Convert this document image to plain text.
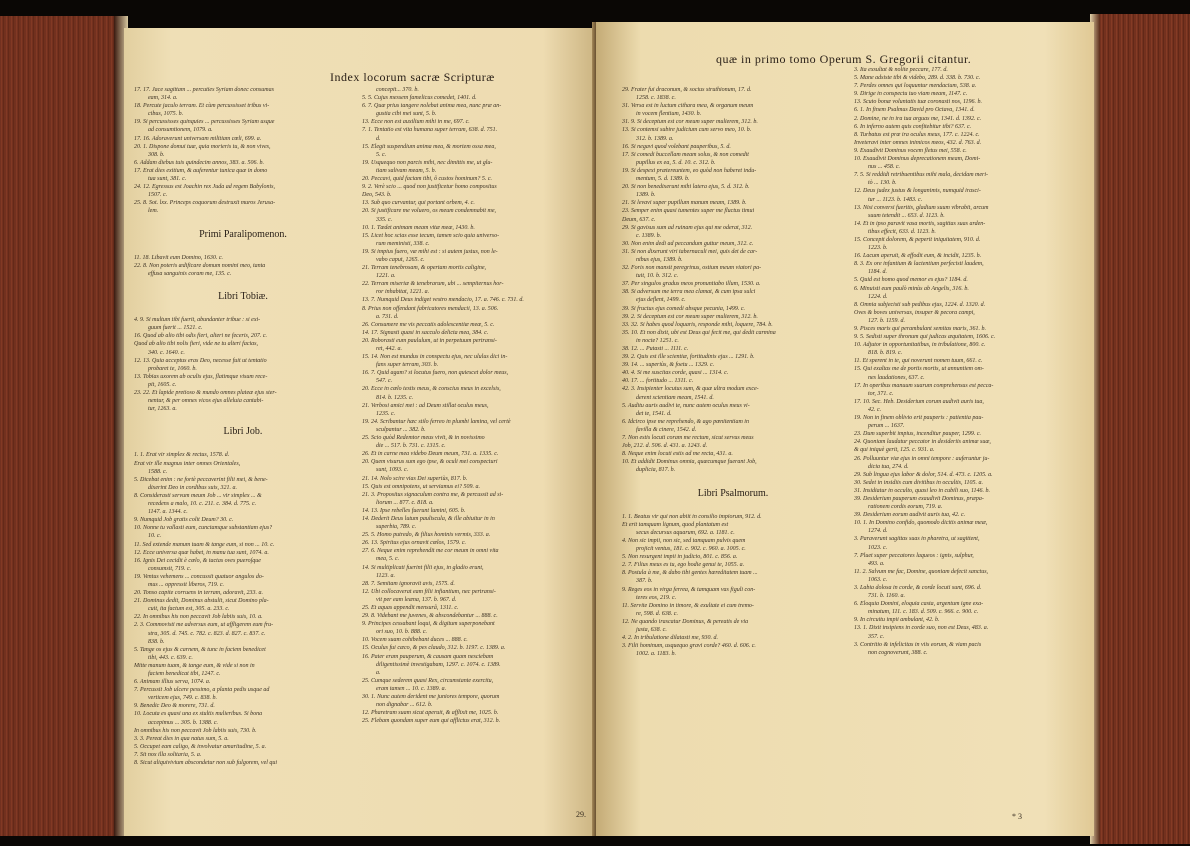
Index locorum sacræ Scripturæ
17. 17. Jace sagittam ... percuties Syriam donec consumas
eam, 314. a.
18. Percute jaculo terram. Et cùm percussisset tribus vi-
cibus, 1075. b.
19. Si percussisses quinquies ... percussisses Syriam usque
ad consumtionem, 1079. a.
17. 16. Adoraverunt universam militiam cœli, 699. a.
20. 1. Dispone domui tuæ, quia morieris tu, & non vives,
308. b.
6. Addam diebus tuis quindecim annos, 383. a. 506. b.
17. Erat dies exitium, & auferentur tunica quæ in domo
tua sunt, 381. c.
24. 12. Egressus est Joachin rex Juda ad regem Babylonis,
1507. c.
25. 8. Sot. lxx. Princeps coquorum destruxit muros Jerusa-
lem.
Primi Paralipomenon.
11. 18. Libavit eum Domino, 1630. c.
22. 8. Non poteris ædificare domum nomini meo, tanta
effusa sanguinis coram me, 135. c.
Libri Tobiæ.
4. 9. Si multum tibi fuerit, abundanter tribue : si exi-
guum fuerit ... 1521. c.
16. Quod ab alio tibi odis fieri, alteri ne feceris, 207. c.
Quod ab alio tibi nolis fieri, vide ne tu alteri facias,
340. c. 1640. c.
12. 13. Quia acceptus eras Deo, necesse fuit ut tentatio
probaret te, 1060. b.
13. Tobias uxorem ab oculis ejus, flatimque visum rece-
pit, 1605. c.
23. 22. Et lapide pretioso & mundo omnes plateæ ejus ster-
nentur, & per omnes vicos ejus alleluia cantabi-
tur, 1263. a.
Libri Job.
1. 1. Erat vir simplex & rectus, 1578. d.
Erat vir ille magnus inter omnes Orientales,
1588. c.
5. Dicebat enim : ne fortè peccaverint filii mei, & bene-
dixerint Deo in cordibus suis, 321. a.
8. Considerasti servum meum Job ... vir simplex ... &
recedens a malo, 10. c. 211. c. 384. d. 775. c.
1147. a. 1344. c.
9. Numquid Job gratis colit Deum? 30. c.
10. Nonne tu vallasti eum, cunctamque substantiam ejus?
10. c.
11. Sed extende manum tuam & tange eum, si non ... 10. c.
12. Ecce universa quæ habet, in manu tua sunt, 1074. a.
16. Ignis Dei cecidit è cœlo, & tactas oves pueroſque
consumsit, 719. c.
19. Ventus vehemens ... concussit quatuor angulos do-
mus ... oppressit liberos, 719. c.
20. Tonso capite corruens in terram, adoravit, 233. a.
21. Dominus dedit, Dominus abstulit, sicut Domino pla-
cuit, ita factum est, 305. a. 233. c.
22. In omnibus his non peccavit Job labiis suis, 10. a.
2. 3. Commovisti me adversus eum, ut affligerem eum fru-
stra, 305. d. 745. c. 782. c. 823. d. 827. c. 837. c.
838. b.
5. Tange os ejus & carnem, & tunc in faciem benedicet
tibi, 443. c. 639. c.
Mitte manum tuam, & tange eum, & vide si non in
faciem benedicat tibi, 1247. c.
6. Animam illius serva, 1074. a.
7. Percussit Job ulcere pessimo, a planta pedis usque ad
verticem ejus, 749. c. 838. b.
9. Benedic Deo & morere, 731. d.
10. Locuta es quasi una ex stultis mulieribus. Si bona
accepimus ... 305. b. 1388. c.
In omnibus his non peccavit Job labiis suis, 730. b.
3. 3. Pereat dies in qua natus sum, 5. a.
5. Occupet eam caligo, & involvatur amaritudine, 5. a.
7. Sit nox illa solitaria, 5. a.
8. Sicut aliquivivium abscondetur non sub fulgorem, vel qui
concepit... 370. b.
5. 5. Cujus messem famelicus comedet, 1401. d.
6. 7. Quæ prius tangere nolebat anima mea, nunc præ an-
gustia cibi mei sunt, 5. b.
13. Ecce non est auxilium mihi in me, 697. c.
7. 1. Tentatio est vita humana super terram, 638. d. 751.
d.
15. Elegit suspendium anima mea, & mortem ossa mea,
5. c.
19. Usquequo non parcis mihi, nec dimittis me, ut glu-
tiam salivam meam, 5. b.
20. Peccavi, quid faciam tibi, ô custos hominum? 5. c.
9. 2. Verè scio ... quod non justificetur homo compositus
Deo, 543. b.
13. Sub quo curvantur, qui portant orbem, 4. c.
20. Si justificare me voluero, os meum condemnabit me,
335. c.
10. 1. Tædet animam meam vitæ meæ, 1430. b.
15. Licet hoc scias esse tecum, tamen scio quia universo-
rum meministi, 338. c.
19. Si impius fuero, væ mihi est : si autem justus, non le-
vabo caput, 1265. c.
21. Terram tenebrosam, & opertam mortis caligine,
1221. a.
22. Terram miseriæ & tenebrarum, ubi ... sempiternus hor-
ror inhabitat, 1221. a.
13. 7. Numquid Deus indiget vestro mendacio, 17. a. 746. c. 731. d.
8. Prius non offendant fabricatores mendacii, 13. a. 506.
a. 731. d.
26. Consumere me vis peccatis adolescentiæ meæ, 5. c.
14. 17. Signasti quasi in sacculo delicta mea, 384. c.
20. Roborasti eum paululum, ut in perpetuum pertransi-
ret, 442. a.
15. 14. Non est mundus in conspectu ejus, nec ululus dici in-
fans super terram, 303. b.
16. 7. Quid agam? si locutus fuero, non quiescet dolor meus,
547. c.
20. Ecce in cœlo testis meus, & conscius meus in excelsis,
814. b. 1235. c.
21. Verbosi amici mei : ad Deum stillat oculus meus,
1235. c.
19. 24. Scribantur hæc stilo ferreo in plumbi lamina, vel certè
sculpantur ... 382. b.
25. Scio quòd Redemtor meus vivit, & in novissimo
die ... 517. b. 731. c. 1315. c.
26. Et in carne mea videbo Deum meum, 731. a. 1335. c.
20. Quem visurus sum ego ipse, & oculi mei conspecturi
sunt, 1093. c.
21. 14. Nolo scire vias Dei superiùs, 817. b.
15. Quis est omnipotens, ut serviamus ei? 509. a.
21. 3. Propositus signaculum contra me, & percussit ad si-
liorum ... 877. c. 818. a.
14. 13. Ipse rebelles fuerunt lumini, 605. b.
14. Dederit Deus lutum pauliscula, & ille abiuitur in in
superbia, 789. c.
25. 5. Homo putredo, & filius hominis vermis, 333. a.
26. 13. Spiritus ejus ornavit cœlos, 1579. c.
27. 6. Neque enim reprehendit me cor meum in omni vita
mea, 5. c.
14. Si multiplicati fuerint filii ejus, in gladio erunt,
1123. a.
28. 7. Semitam ignoravit avis, 1575. d.
12. Ubi collocaverat eam filii infiantium, nec pertransi-
vit per eam leæna, 137. b. 967. d.
25. Et aquas appendit mensurâ, 1311. c.
29. 8. Videbant me juvenes, & abscondebantur ... 888. c.
9. Principes cessabant loqui, & digitum superponebant
ori suo, 10. b. 888. c.
10. Vocem suam cohibebant duces ... 888. c.
15. Oculus fui cæco, & pes claudo, 312. b. 1197. c. 1389. a.
16. Pater eram pauperum, & causam quam nesciebam
diligentissimè investigabam, 1297. c. 1074. c. 1389.
a.
25. Cumque sederem quasi Rex, circumstante exercitu,
eram tamen ... 10. c. 1389. a.
30. 1. Nunc autem derident me juniores tempore, quorum
non dignabar ... 612. b.
12. Pharetram suam sicut aperuit, & afflixit me, 1025. b.
25. Flebam quondam super eum qui afflictus erat, 312. b.
29.
quæ in primo tomo Operum S. Gregorii citantur.
29. Frater fui draconum, & socius struthionum, 17. d.
1258. c. 1838. c.
31. Versa est in luctum cithara mea, & organum meum
in vocem flentium, 1430. b.
31. 9. Si deceptum est cor meum super mulierem, 312. b.
13. Si contemsi subire judicium cum servo meo, 10. b.
312. b. 1389. a.
16. Si negavi quod volebant pauperibus, 5. d.
17. Si comedi buccellam meam solus, & non comedit
pupillus ex ea, 5. d. 10. c. 312. b.
19. Si despexi prætereuntem, eo quòd non haberet indu-
mentum, 5. d. 1389. b.
20. Si non benedixerunt mihi latera ejus, 5. d. 312. b.
1389. b.
21. Si levavi super pupillum manum meam, 1389. b.
23. Semper enim quasi tumentes super me fluctus timui
Deum, 637. c.
29. Si gavisus sum ad ruinam ejus qui me oderat, 312.
c. 1389. b.
30. Non enim dedi ad peccandum guttur meum, 312. c.
31. Si non dixerunt viri tabernaculi mei, quis det de car-
nibus ejus, 1389. b.
32. Foris non mansit peregrinus, ostium meum viatori pa-
tuit, 10. b. 312. c.
37. Per singulos gradus meos pronuntiabo illum, 1530. a.
38. Si adversum me terra mea clamat, & cum ipsa sulci
ejus deflent, 1499. c.
39. Si fructus ejus comedi absque pecunia, 1499. c.
39. 2. Si deceptum est cor meum super mulierem, 312. b.
33. 32. Si habes quod loquaris, responde mihi, loquere, 784. b.
35. 10. Et non dixit, ubi est Deus qui fecit me, qui dedit carmina
in nocte? 1251. c.
38. 12. ... Putasti ... 1111. c.
39. 2. Quis est ille scientiæ, fortitudinis ejus ... 1291. b.
39. 14. ... superiùs, & foetu ... 1329. c.
40. 4. Si me suscitas corde, quasi ... 1314. c.
40. 17. ... fortitudo ... 1311. c.
42. 3. Insipienter locutus sum, & quæ ultra modum exce-
derent scientiam meam, 1541. d.
5. Auditu auris audivi te, nunc autem oculus meus vi-
det te, 1541. d.
6. Idcirco ipse me reprehendo, & ago pœnitentiam in
favilla & cinere, 1542. d.
7. Non estis locuti coram me rectum, sicut servus meus
Job, 212. d. 506. d. 431. a. 1243. d.
8. Neque enim locuti estis ad me recta, 431. a.
10. Et addidit Dominus omnia, quæcumque fuerant Job,
duplicia, 817. b.
Libri Psalmorum.
1. 1. Beatus vir qui non abiit in consilio impiorum, 912. d.
Et erit tamquam lignum, quod plantatum est
secus decursus aquarum, 692. a. 1181. c.
4. Non sic impii, non sic, sed tamquam pulvis quem
projicit ventus, 181. c. 902. c. 960. a. 1005. c.
5. Non resurgent impii in judicio, 801. c. 856. a.
2. 7. Filius meus es tu, ego hodie genui te, 1055. a.
8. Postula à me, & dabo tibi gentes hæreditatem tuam ...
387. b.
9. Reges eos in virga ferrea, & tamquam vas figuli con-
teres eos, 219. c.
11. Servite Domino in timore, & exultate ei cum tremo-
re, 598. d. 638. c.
12. Ne quando irascatur Dominus, & pereatis de via
justa, 638. c.
4. 2. In tribulatione dilatasti me, 930. d.
3. Filii hominum, usquequo gravi corde? 460. d. 606. c.
1002. a. 1183. b.
3. Ita exsultat & nolite peccare, 177. d.
5. Mane adsiste tibi & videbo, 289. d. 338. b. 730. c.
7. Perdes omnes qui loquuntur mendacium, 538. a.
9. Dirige in conspectu tuo viam meam, 1147. c.
13. Scuto bonæ voluntatis tuæ coronasti nos, 1196. b.
6. 1. In finem Psalmus David pro Octava, 1341. d.
2. Domine, ne in ira tua arguas me, 1341. d. 1392. c.
6. In inferno autem quis confitebitur tibi? 637. c.
8. Turbatus est præ ira oculus meus, 177. c. 1224. c.
Inveteravi inter omnes inimicos meos, 432. d. 763. d.
9. Exaudivit Dominus vocem fletus mei, 558. c.
10. Exaudivit Dominus deprecationem meam, Domi-
nus ... 458. c.
7. 5. Si reddidi retribuentibus mihi mala, decidam meri-
tò ... 130. b.
12. Deus judex justus & longanimis, numquid irasci-
tur ... 1123. b. 1483. c.
13. Nisi conversi fueritis, gladium suum vibrabit, arcum
suum tetendit ... 653. d. 1123. b.
14. Et in ipso paravit vasa mortis, sagittas suas arden-
tibus effecit, 633. d. 1123. b.
15. Concepit dolorem, & peperit iniquitatem, 910. d.
1223. b.
16. Lacum aperuit, & effodit eum, & incidit, 1235. b.
8. 3. Ex ore infantium & lactentium perfecisti laudem,
1184. d.
5. Quid est homo quod memor es ejus? 1184. d.
6. Minuisti eum paulò minùs ab Angelis, 316. b.
1224. d.
8. Omnia subjecisti sub pedibus ejus, 1224. d. 1320. d.
Oves & boves universas, insuper & pecora campi,
127. b. 1159. d.
9. Pisces maris qui perambulant semitas maris, 361. b.
9. 5. Sedisti super thronum qui judicas æquitatem, 1606. c.
10. Adjutor in opportunitatibus, in tribulatione, 800. c.
818. b. 819. c.
11. Et sperent in te, qui noverunt nomen tuum, 661. c.
15. Qui exaltas me de portis mortis, ut annuntiem om-
nes laudationes, 637. c.
17. In operibus manuum suarum comprehensus est pecca-
tor, 371. c.
17. 10. Sec. Heb. Desiderium corum audivit auris tua,
42. c.
19. Non in finem oblivio erit pauperis : patientia pau-
perum ... 1637.
23. Dum superbit impius, incenditur pauper, 1299. c.
24. Quoniam laudatur peccator in desideriis animæ suæ,
& qui iniquè gerit, 125. c. 931. a.
26. Polluuntur viæ ejus in omni tempore : auferuntur ju-
dicia tua, 274. d.
29. Sub lingua ejus labor & dolor, 514. d. 473. c. 1205. a.
30. Sedet in insidiis cum divitibus in occultis, 1105. a.
31. Insidiatur in occulto, quasi leo in cubili suo, 1146. b.
39. Desiderium pauperum exaudivit Dominus, præpa-
rationem cordis eorum, 719. a.
39. Desiderium eorum audivit auris tua, 42. c.
10. 1. In Domino confido, quomodo dicitis animæ meæ,
1274. d.
3. Paraverunt sagittas suas in pharetra, ut sagittent,
1023. c.
7. Pluet super peccatores laqueos : ignis, sulphur,
493. a.
11. 2. Salvum me fac, Domine, quoniam defecit sanctus,
1063. c.
3. Labia dolosa in corde, & corde locuti sunt, 696. d.
731. b. 1160. a.
6. Eloquia Domini, eloquia casta, argentum igne exa-
minatum, 111. c. 183. d. 509. c. 966. c. 900. c.
9. In circuitu impii ambulant, 42. b.
13. 1. Dixit insipiens in corde suo, non est Deus, 483. a.
357. c.
3. Contritio & infelicitas in viis eorum, & viam pacis
non cognoverunt, 388. c.
* 3
